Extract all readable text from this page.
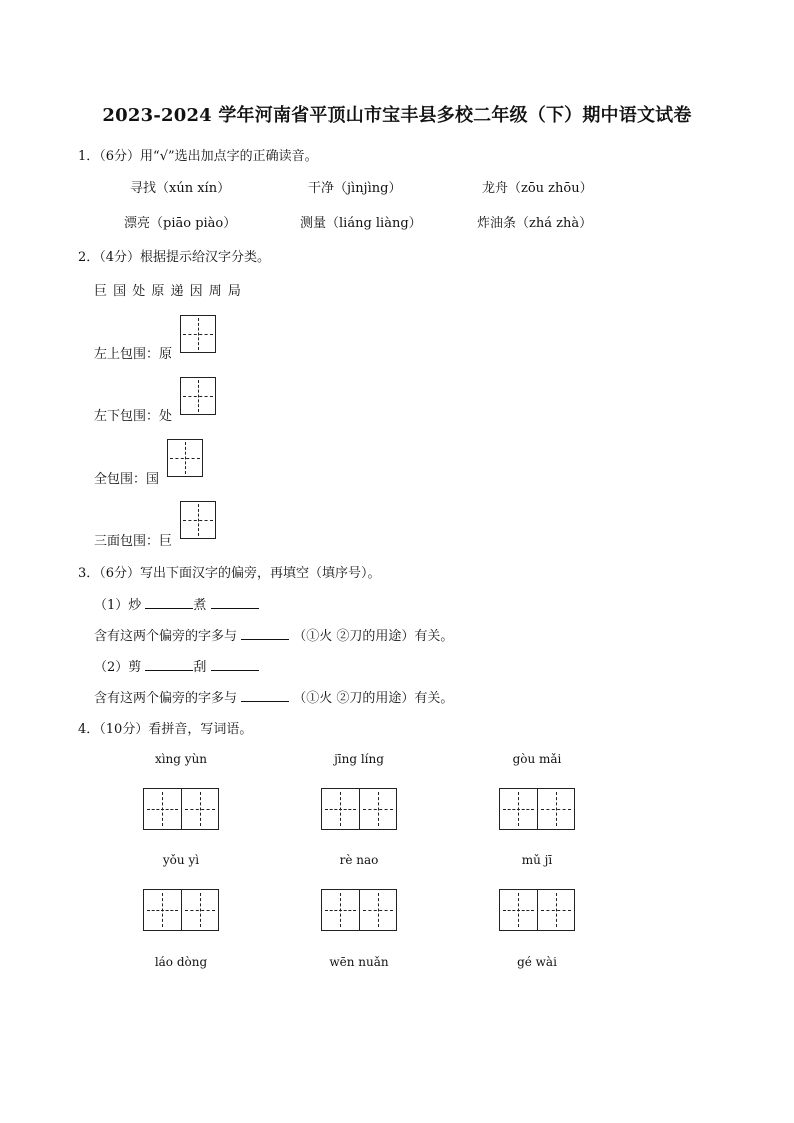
2023-2024 学年河南省平顶山市宝丰县多校二年级（下）期中语文试卷
1．（6分）用“√”选出加点字的正确读音。
寻找（xún xín）	干净（jìnjìng）	龙舟（zōu zhōu）
漂亮（piāo piào）	测量（liáng liàng）	炸油条（zhá zhà）
2．（4分）根据提示给汉字分类。
巨 国 处 原 递 因 周 局
左上包围：原
左下包围：处
全包围：国
三面包围：巨
3．（6分）写出下面汉字的偏旁，再填空（填序号）。
（1）炒	煮
含有这两个偏旁的字多与	（①火 ②刀的用途）有关。
（2）剪	刮
含有这两个偏旁的字多与	（①火 ②刀的用途）有关。
4．（10分）看拼音，写词语。
xìng yùn	jīng líng	gòu mǎi
yǒu yì	rè nao	mǔ jī
láo dòng	wēn nuǎn	gé wài
